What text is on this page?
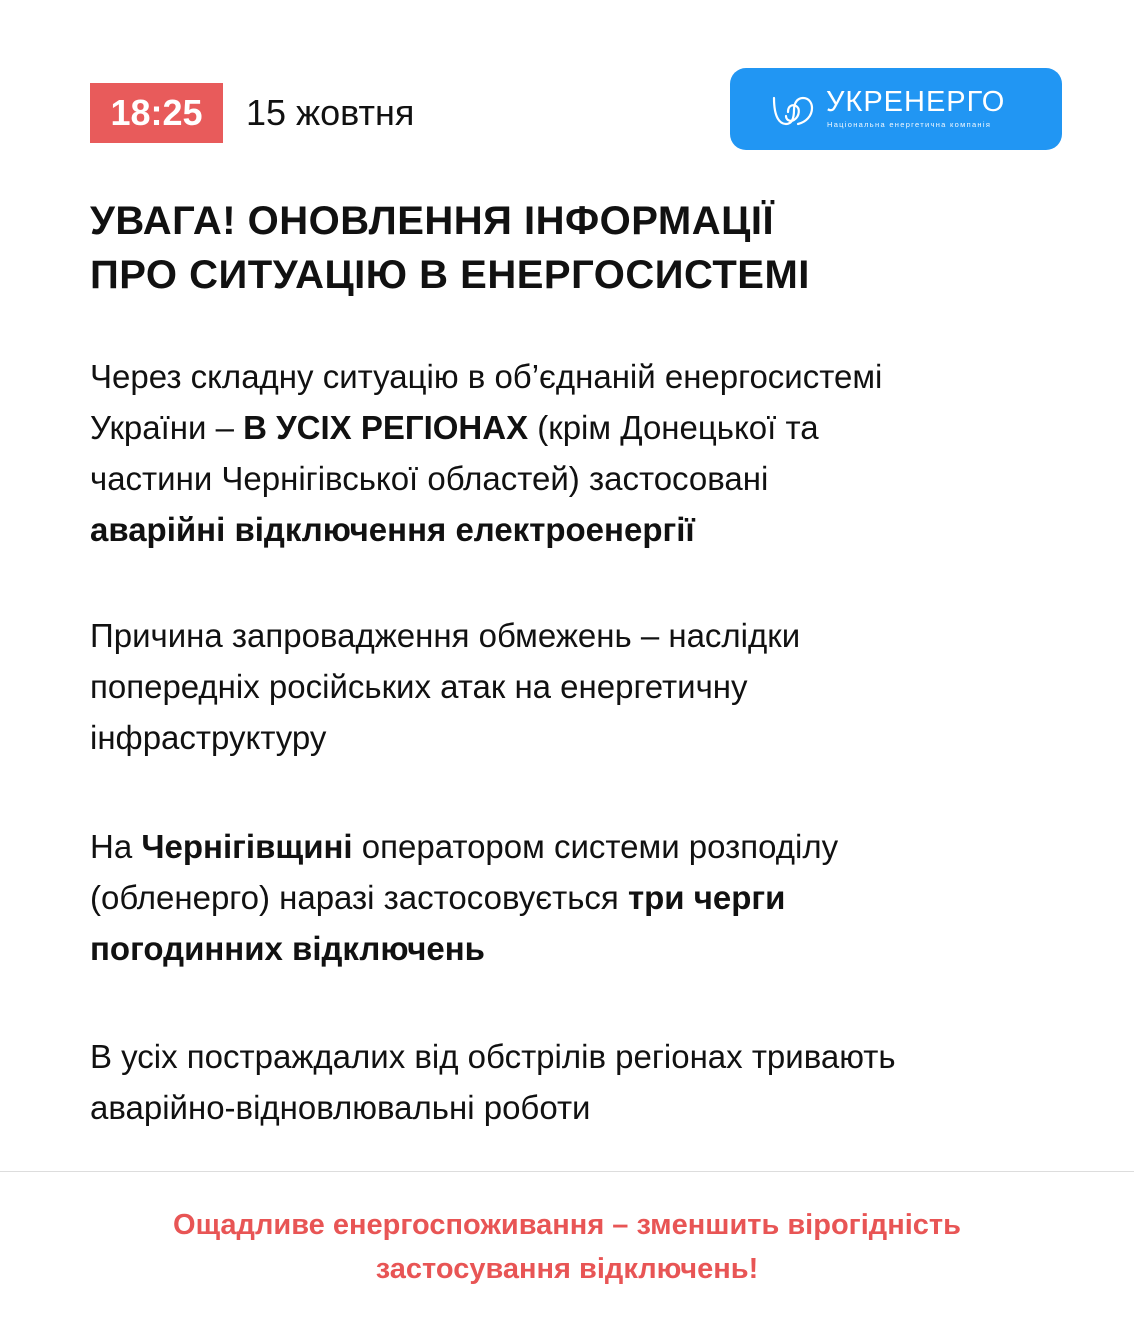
18:25	15 жовтня	УКРЕНЕРГО
Національна енергетична компанія
УВАГА! ОНОВЛЕННЯ ІНФОРМАЦІЇ
ПРО СИТУАЦІЮ В ЕНЕРГОСИСТЕМІ

Через складну ситуацію в об’єднаній енергосистемі
України – В УСІХ РЕГІОНАХ (крім Донецької та
частини Чернігівської областей) застосовані
аварійні відключення електроенергії

Причина запровадження обмежень – наслідки
попередніх російських атак на енергетичну
інфраструктуру

На Чернігівщині оператором системи розподілу
(обленерго) наразі застосовується три черги
погодинних відключень

В усіх постраждалих від обстрілів регіонах тривають
аварійно-відновлювальні роботи

Ощадливе енергоспоживання – зменшить вірогідність
застосування відключень!
